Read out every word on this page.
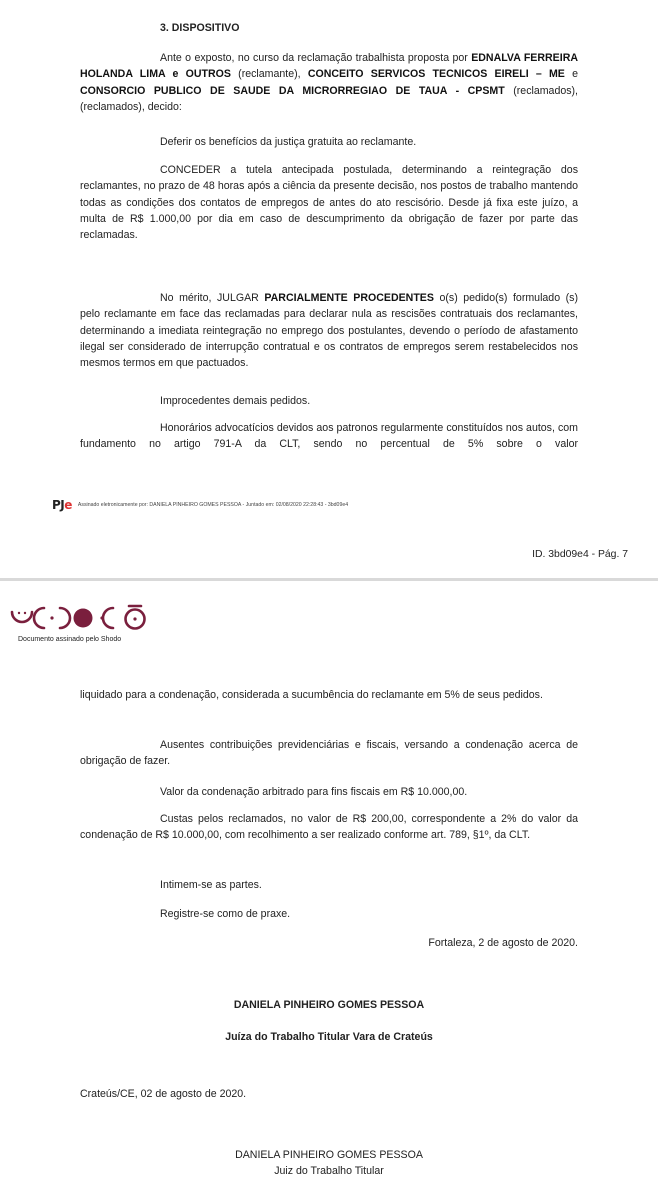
3. DISPOSITIVO

Ante o exposto, no curso da reclamação trabalhista proposta por EDNALVA FERREIRA HOLANDA LIMA e OUTROS (reclamante), CONCEITO SERVICOS TECNICOS EIRELI – ME e CONSORCIO PUBLICO DE SAUDE DA MICRORREGIAO DE TAUA - CPSMT (reclamados), (reclamados), decido:

Deferir os benefícios da justiça gratuita ao reclamante.

CONCEDER a tutela antecipada postulada, determinando a reintegração dos reclamantes, no prazo de 48 horas após a ciência da presente decisão, nos postos de trabalho mantendo todas as condições dos contatos de empregos de antes do ato rescisório. Desde já fixa este juízo, a multa de R$ 1.000,00 por dia em caso de descumprimento da obrigação de fazer por parte das reclamadas.

No mérito, JULGAR PARCIALMENTE PROCEDENTES o(s) pedido(s) formulado (s) pelo reclamante em face das reclamadas para declarar nula as rescisões contratuais dos reclamantes, determinando a imediata reintegração no emprego dos postulantes, devendo o período de afastamento ilegal ser considerado de interrupção contratual e os contratos de empregos serem restabelecidos nos mesmos termos em que pactuados.

Improcedentes demais pedidos.

Honorários advocatícios devidos aos patronos regularmente constituídos nos autos, com fundamento no artigo 791-A da CLT, sendo no percentual de 5% sobre o valor

PJe Assinado eletronicamente por: DANIELA PINHEIRO GOMES PESSOA - Juntado em: 02/08/2020 22:28:43 - 3bd09e4
ID. 3bd09e4 - Pág. 7
Documento assinado pelo Shodo

liquidado para a condenação, considerada a sucumbência do reclamante em 5% de seus pedidos.

Ausentes contribuições previdenciárias e fiscais, versando a condenação acerca de obrigação de fazer.

Valor da condenação arbitrado para fins fiscais em R$ 10.000,00.

Custas pelos reclamados, no valor de R$ 200,00, correspondente a 2% do valor da condenação de R$ 10.000,00, com recolhimento a ser realizado conforme art. 789, §1º, da CLT.

Intimem-se as partes.

Registre-se como de praxe.

Fortaleza, 2 de agosto de 2020.

DANIELA PINHEIRO GOMES PESSOA
Juíza do Trabalho Titular Vara de Crateús

Crateús/CE, 02 de agosto de 2020.

DANIELA PINHEIRO GOMES PESSOA
Juiz do Trabalho Titular
